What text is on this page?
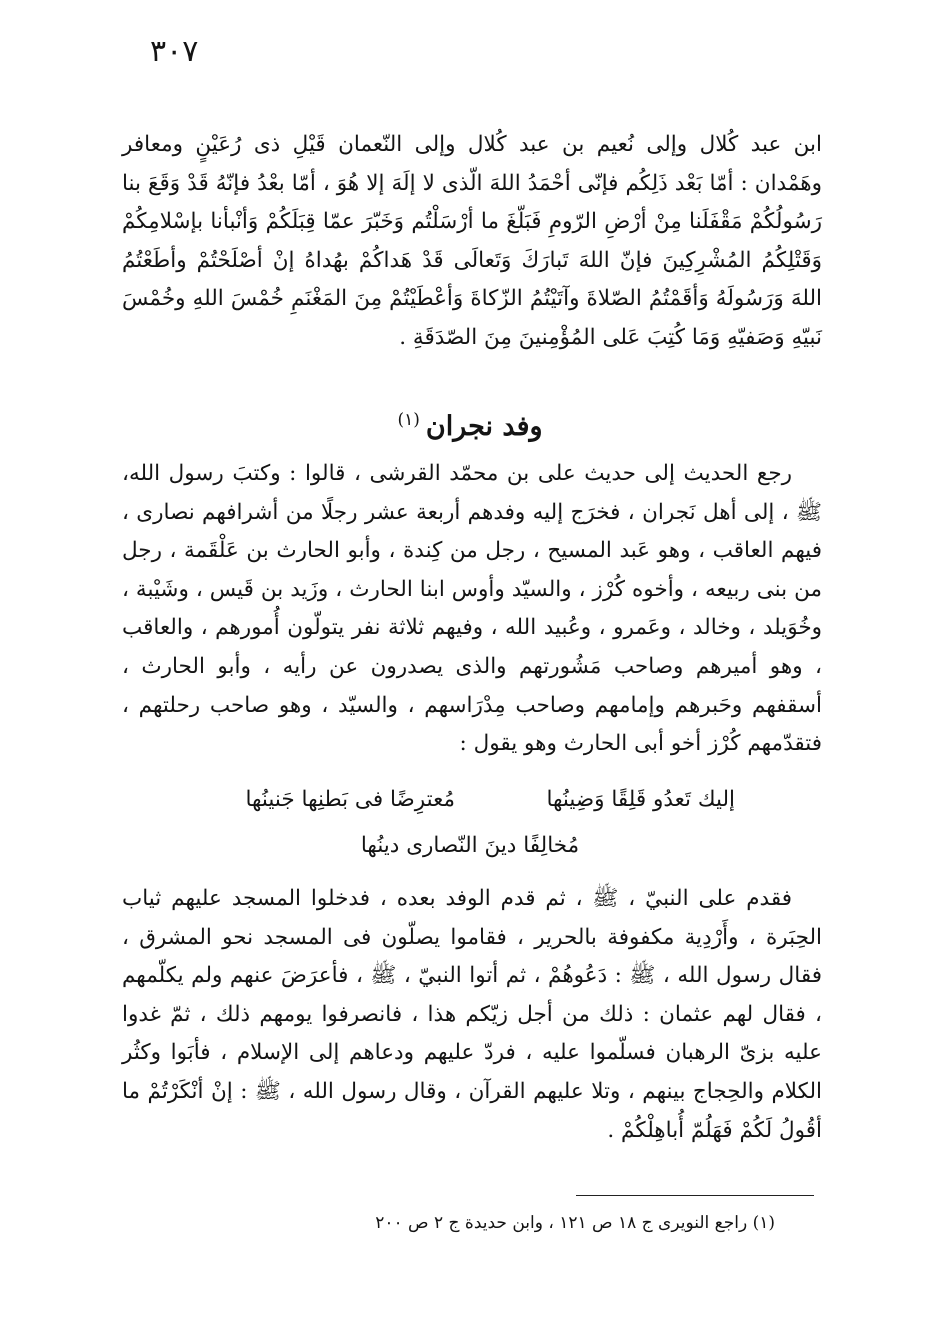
٣٠٧

ابن عبد كُلال وإلى نُعيم بن عبد كُلال وإلى النّعمان قَيْلِ ذى رُعَيْنٍ ومعافر وهَمْدان : أمّا بَعْد ذَلِكُم فإنّى أحْمَدُ اللهَ الّذى لا إلَهَ إلا هُوَ ، أمّا بعْدُ فإنّهُ قَدْ وَقَعَ بنا رَسُولُكُمْ مَقْفَلَنا مِنْ أرْضِ الرّومِ فَبَلّغَ ما أرْسَلْتُم وَخَبّرَ عمّا قِبَلَكُمْ وَأنْبأنا بإسْلامِكُمْ وَقَتْلِكُمُ المُشْرِكِينَ فإنّ اللهَ تَبارَكَ وَتَعالَى قَدْ هَداكُمْ بهُداهُ إنْ أصْلَحْتُمْ وأطَعْتُمُ اللهَ وَرَسُولَهُ وَأقَمْتُمُ الصّلاةَ وآتَيْتُمُ الزّكاةَ وَأعْطَيْتُمْ مِنَ المَغْنَمِ خُمْسَ اللهِ وخُمْسَ نَبيّهِ وَصَفيّهِ وَمَا كُتِبَ عَلى المُؤْمِنينَ مِنَ الصّدَقَةِ .

وفد نجران$^{(١)}$

رجع الحديث إلى حديث على بن محمّد القرشى ، قالوا : وكتبَ رسول الله، ﷺ ، إلى أهل نَجران ، فخرَج إليه وفدهم أربعة عشر رجلًا من أشرافهم نصارى ، فيهم العاقب ، وهو عَبد المسيح ، رجل من كِندة ، وأبو الحارث بن عَلْقَمة ، رجل من بنى ربيعه ، وأخوه كُرْز ، والسيّد وأوس ابنا الحارث ، وزَيد بن قَيس ، وشَيْبة ، وخُوَيلد ، وخالد ، وعَمرو ، وعُبيد الله ، وفيهم ثلاثة نفر يتولّون أُمورهم ، والعاقب ، وهو أميرهم وصاحب مَشُورتهم والذى يصدرون عن رأيه ، وأبو الحارث ، أسقفهم وحَبرهم وإمامهم وصاحب مِدْرَاسهم ، والسيّد ، وهو صاحب رحلتهم ، فتقدّمهم كُرْز أخو أبى الحارث وهو يقول :

إليك تَعدُو قَلِقًا وَضِينُها
مُعترِضًا فى بَطنِها جَنينُها
مُخالِفًا دينَ النّصارى دينُها

فقدم على النبيّ ، ﷺ ، ثم قدم الوفد بعده ، فدخلوا المسجد عليهم ثياب الحِبَرة ، وأَرْدِية مكفوفة بالحرير ، فقاموا يصلّون فى المسجد نحو المشرق ، فقال رسول الله ، ﷺ : دَعُوهُمْ ، ثم أتوا النبيّ ، ﷺ ، فأعرَضَ عنهم ولم يكلّمهم ، فقال لهم عثمان : ذلك من أجل زيّكم هذا ، فانصرفوا يومهم ذلك ، ثمّ غدوا عليه بزىّ الرهبان فسلّموا عليه ، فردّ عليهم ودعاهم إلى الإسلام ، فأبَوا وكثُر الكلام والحِجاج بينهم ، وتلا عليهم القرآن ، وقال رسول الله ، ﷺ : إنْ أنْكَرْتُمْ ما أقُولُ لَكُمْ فَهَلُمّ أُباهِلْكُمْ .

(١) راجع النويرى ج ١٨ ص ١٢١ ، وابن حديدة ج ٢ ص ٢٠٠
